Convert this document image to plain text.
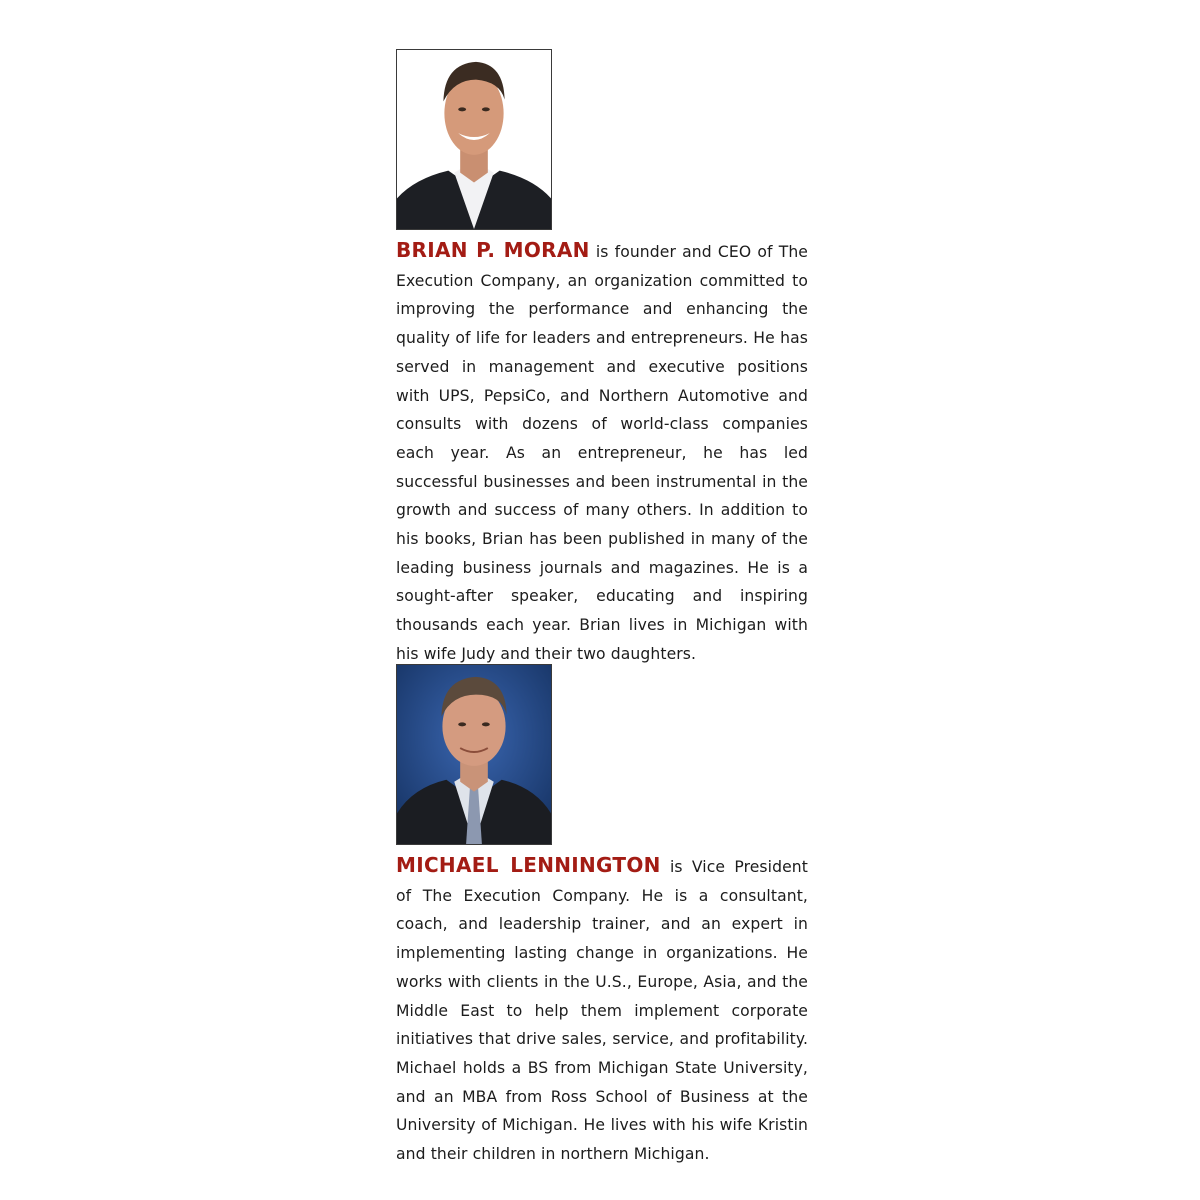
BRIAN P. MORAN is founder and CEO of The Execution Company, an organization committed to improving the performance and enhancing the quality of life for leaders and entrepreneurs. He has served in management and executive positions with UPS, PepsiCo, and Northern Automotive and consults with dozens of world-class companies each year. As an entrepreneur, he has led successful businesses and been instrumental in the growth and success of many others. In addition to his books, Brian has been published in many of the leading business journals and magazines. He is a sought-after speaker, educating and inspiring thousands each year. Brian lives in Michigan with his wife Judy and their two daughters.

MICHAEL LENNINGTON is Vice President of The Execution Company. He is a consultant, coach, and leadership trainer, and an expert in implementing lasting change in organizations. He works with clients in the U.S., Europe, Asia, and the Middle East to help them implement corporate initiatives that drive sales, service, and profitability. Michael holds a BS from Michigan State University, and an MBA from Ross School of Business at the University of Michigan. He lives with his wife Kristin and their children in northern Michigan.
